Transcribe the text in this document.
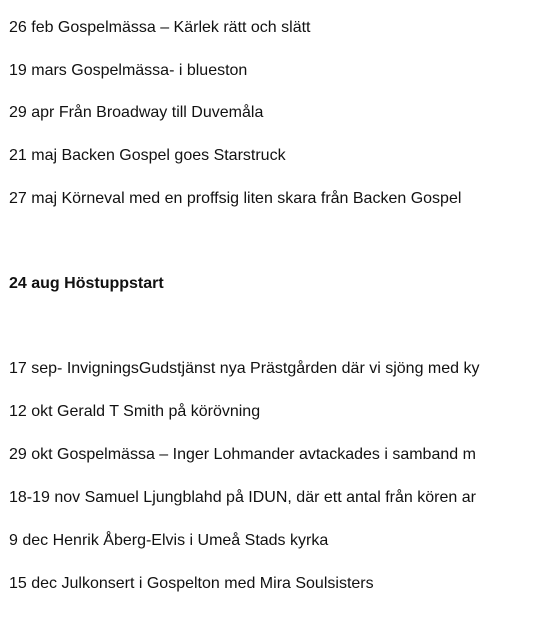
26 feb Gospelmässa – Kärlek rätt och slätt
19 mars Gospelmässa- i blueston
29 apr Från Broadway till Duvemåla
21 maj Backen Gospel goes Starstruck
27 maj Körneval med en proffsig liten skara från Backen Gospel
24 aug Höstuppstart
17 sep- InvigningsGudstjänst nya Prästgården där vi sjöng med ky
12 okt Gerald T Smith på körövning
29 okt Gospelmässa – Inger Lohmander avtackades i samband m
18-19 nov Samuel Ljungblahd på IDUN, där ett antal från kören ar
9 dec Henrik Åberg-Elvis i Umeå Stads kyrka
15 dec Julkonsert i Gospelton med Mira Soulsisters
